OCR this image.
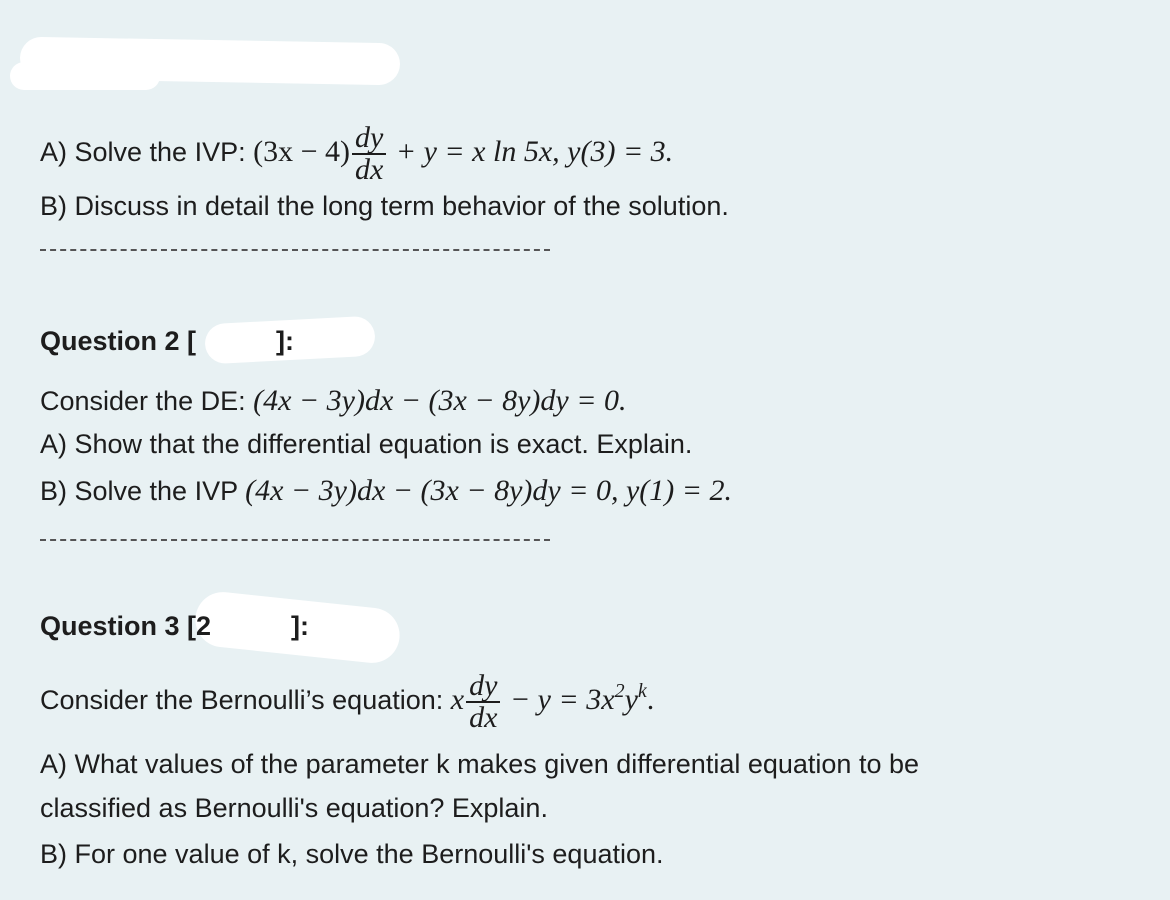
A) Solve the IVP: $(3x - 4) \frac{dy}{dx} + y = x$ ln 5x, y(3) = 3.
B) Discuss in detail the long term behavior of the solution.
Question 2 [	]:
Consider the DE: (4x − 3y)dx − (3x − 8y)dy = 0.
A) Show that the differential equation is exact. Explain.
B) Solve the IVP (4x − 3y)dx − (3x − 8y)dy = 0, y(1) = 2.
Question 3 [2	]:
Consider the Bernoulli’s equation: x $\frac{dy}{dx} - y = 3x^2y^k$.
A) What values of the parameter k makes given differential equation to be
classified as Bernoulli's equation? Explain.
B) For one value of k, solve the Bernoulli's equation.
